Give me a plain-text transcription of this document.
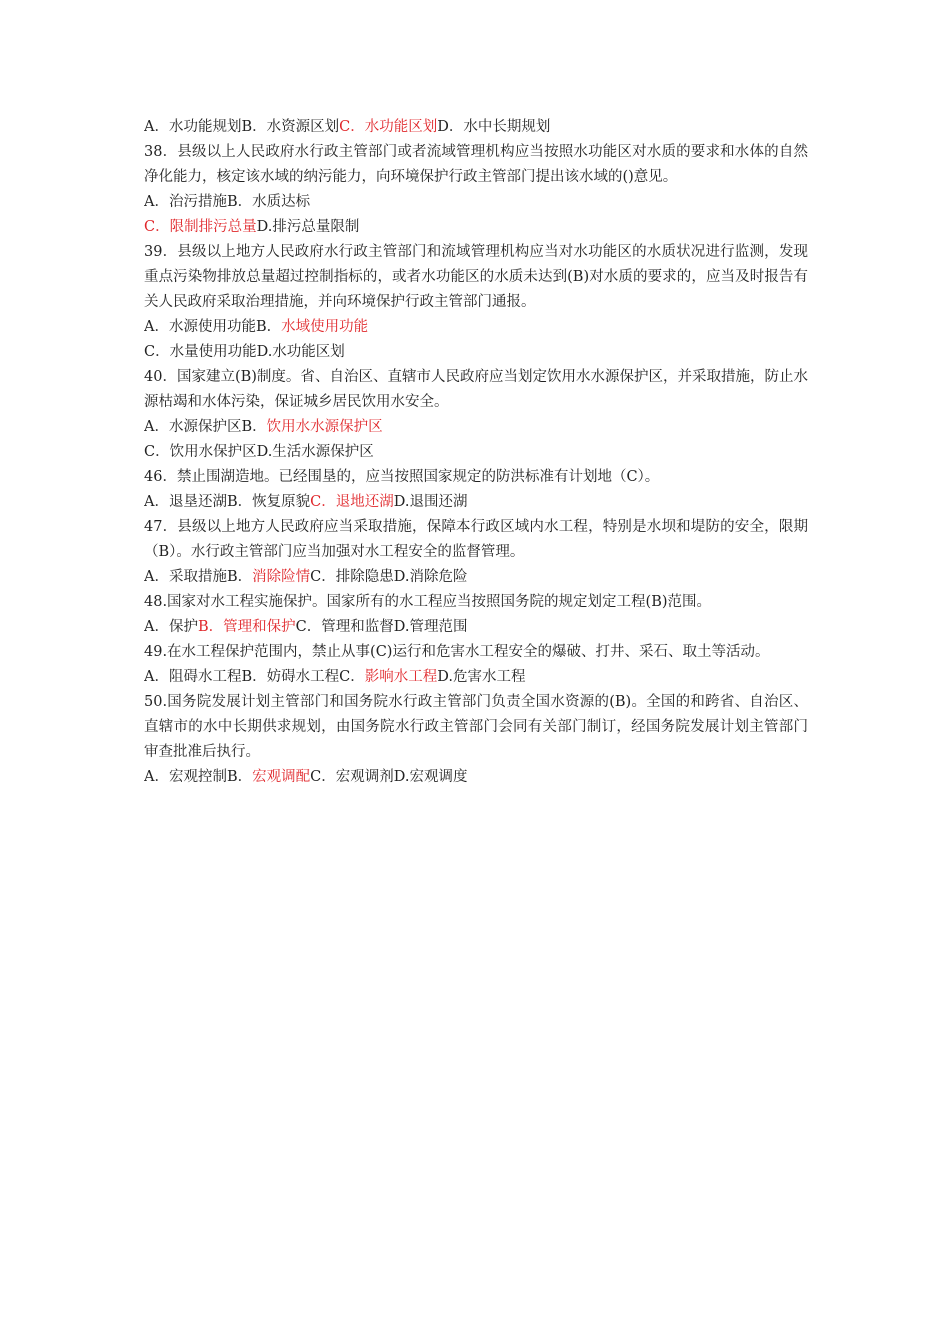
A．水功能规划B．水资源区划C．水功能区划D．水中长期规划
38．县级以上人民政府水行政主管部门或者流域管理机构应当按照水功能区对水质的要求和水体的自然净化能力，核定该水域的纳污能力，向环境保护行政主管部门提出该水域的()意见。
A．治污措施B．水质达标
C．限制排污总量D.排污总量限制
39．县级以上地方人民政府水行政主管部门和流域管理机构应当对水功能区的水质状况进行监测，发现重点污染物排放总量超过控制指标的，或者水功能区的水质未达到(B)对水质的要求的，应当及时报告有关人民政府采取治理措施，并向环境保护行政主管部门通报。
A．水源使用功能B．水域使用功能
C．水量使用功能D.水功能区划
40．国家建立(B)制度。省、自治区、直辖市人民政府应当划定饮用水水源保护区，并采取措施，防止水源枯竭和水体污染，保证城乡居民饮用水安全。
A．水源保护区B．饮用水水源保护区
C．饮用水保护区D.生活水源保护区
46．禁止围湖造地。已经围垦的，应当按照国家规定的防洪标准有计划地（C）。
A．退垦还湖B．恢复原貌C．退地还湖D.退围还湖
47．县级以上地方人民政府应当采取措施，保障本行政区域内水工程，特别是水坝和堤防的安全，限期（B）。水行政主管部门应当加强对水工程安全的监督管理。
A．采取措施B．消除险情C．排除隐患D.消除危险
48.国家对水工程实施保护。国家所有的水工程应当按照国务院的规定划定工程(B)范围。
A．保护B．管理和保护C．管理和监督D.管理范围
49.在水工程保护范围内，禁止从事(C)运行和危害水工程安全的爆破、打井、采石、取土等活动。
A．阻碍水工程B．妨碍水工程C．影响水工程D.危害水工程
50.国务院发展计划主管部门和国务院水行政主管部门负责全国水资源的(B)。全国的和跨省、自治区、直辖市的水中长期供求规划，由国务院水行政主管部门会同有关部门制订，经国务院发展计划主管部门审查批准后执行。
A．宏观控制B．宏观调配C．宏观调剂D.宏观调度
